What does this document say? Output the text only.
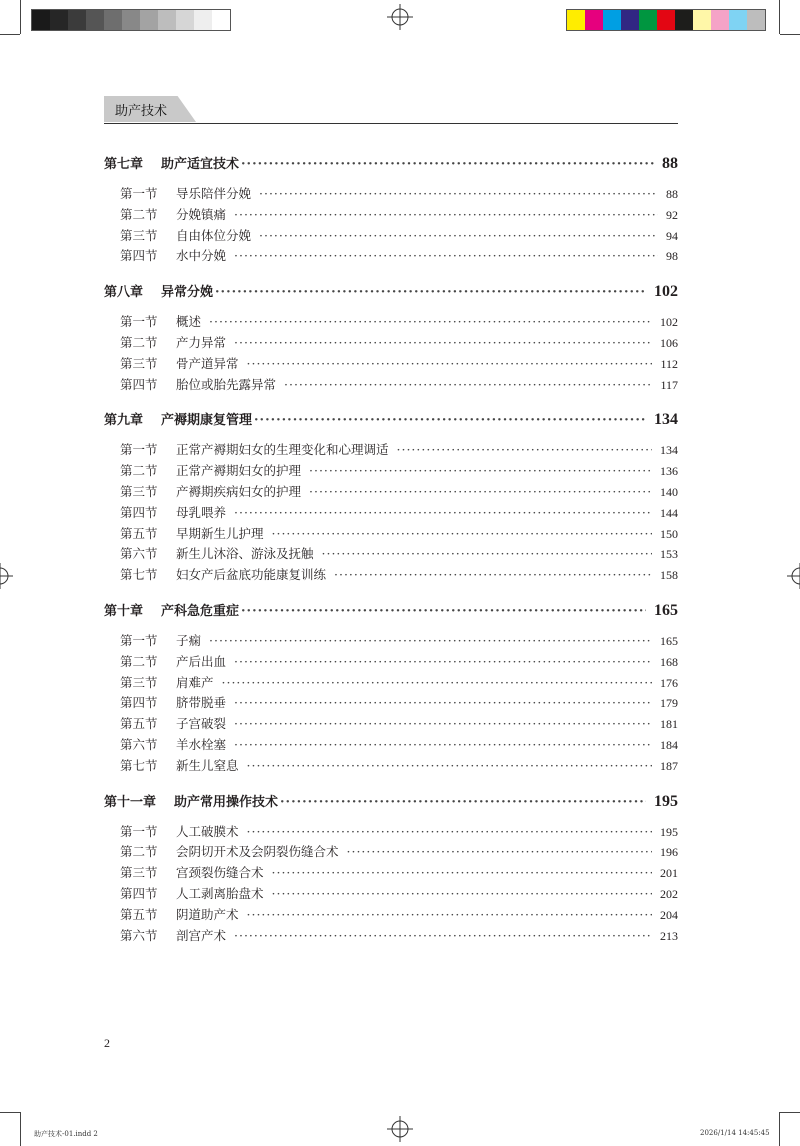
助产技术
第七章 助产适宜技术 ·····	88
第一节	导乐陪伴分娩 ·····	88
第二节	分娩镇痛 ·····	92
第三节	自由体位分娩 ·····	94
第四节	水中分娩 ·····	98
第八章 异常分娩 ·····	102
第一节	概述 ·····	102
第二节	产力异常 ·····	106
第三节	骨产道异常 ·····	112
第四节	胎位或胎先露异常 ·····	117
第九章 产褥期康复管理 ·····	134
第一节	正常产褥期妇女的生理变化和心理调适 ·····	134
第二节	正常产褥期妇女的护理 ·····	136
第三节	产褥期疾病妇女的护理 ·····	140
第四节	母乳喂养 ·····	144
第五节	早期新生儿护理 ·····	150
第六节	新生儿沐浴、游泳及抚触 ·····	153
第七节	妇女产后盆底功能康复训练 ·····	158
第十章 产科急危重症 ·····	165
第一节	子痫 ·····	165
第二节	产后出血 ·····	168
第三节	肩难产 ·····	176
第四节	脐带脱垂 ·····	179
第五节	子宫破裂 ·····	181
第六节	羊水栓塞 ·····	184
第七节	新生儿窒息 ·····	187
第十一章 助产常用操作技术 ·····	195
第一节	人工破膜术 ·····	195
第二节	会阴切开术及会阴裂伤缝合术 ·····	196
第三节	宫颈裂伤缝合术 ·····	201
第四节	人工剥离胎盘术 ·····	202
第五节	阴道助产术 ·····	204
第六节	剖宫产术 ·····	213
2
助产技术-01.indd 2	2026/1/14 14:45:45
